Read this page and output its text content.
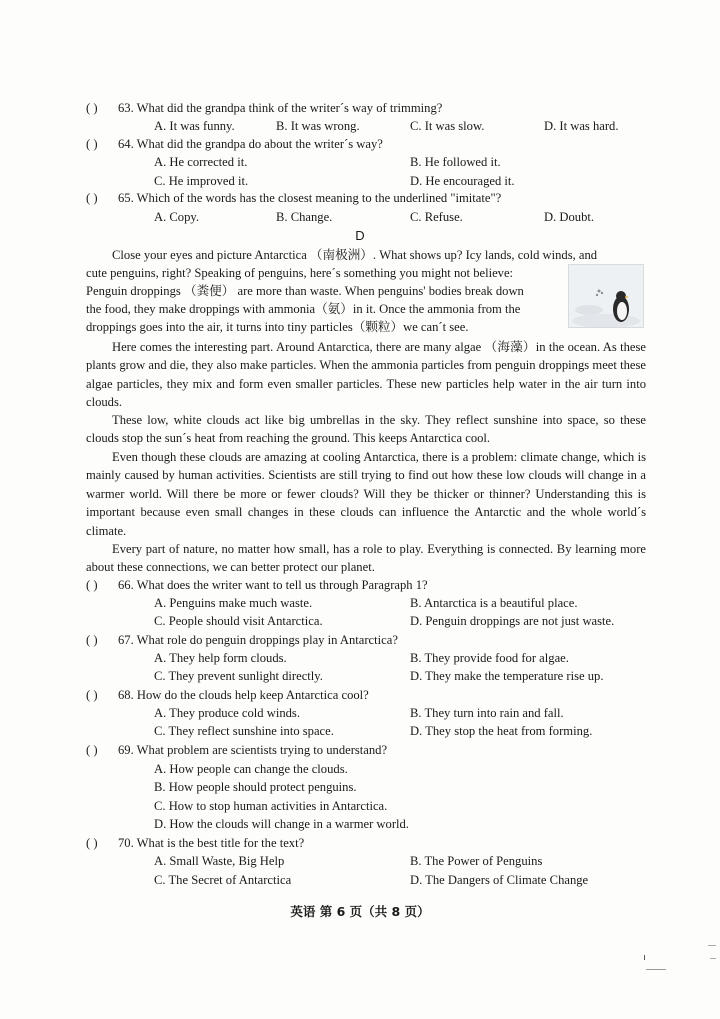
( ) 63. What did the grandpa think of the writer´s way of trimming?
A. It was funny.	B. It was wrong.	C. It was slow.	D. It was hard.
( ) 64. What did the grandpa do about the writer´s way?
A. He corrected it.	B. He followed it.
C. He improved it.	D. He encouraged it.
( ) 65. Which of the words has the closest meaning to the underlined "imitate"?
A. Copy.	B. Change.	C. Refuse.	D. Doubt.
D
Close your eyes and picture Antarctica （南极洲）. What shows up? Icy lands, cold winds, and
cute penguins, right? Speaking of penguins, here´s something you might not believe:
Penguin droppings （粪便） are more than waste. When penguins' bodies break down
the food, they make droppings with ammonia（氨）in it. Once the ammonia from the
droppings goes into the air, it turns into tiny particles（颗粒）we can´t see.
Here comes the interesting part. Around Antarctica, there are many algae （海藻）in the ocean. As these plants grow and die, they also make particles. When the ammonia particles from penguin droppings meet these algae particles, they mix and form even smaller particles. These new particles help water in the air turn into clouds.
These low, white clouds act like big umbrellas in the sky. They reflect sunshine into space, so these clouds stop the sun´s heat from reaching the ground. This keeps Antarctica cool.
Even though these clouds are amazing at cooling Antarctica, there is a problem: climate change, which is mainly caused by human activities. Scientists are still trying to find out how these low clouds will change in a warmer world. Will there be more or fewer clouds? Will they be thicker or thinner? Understanding this is important because even small changes in these clouds can influence the Antarctic and the whole world´s climate.
Every part of nature, no matter how small, has a role to play. Everything is connected. By learning more about these connections, we can better protect our planet.
( ) 66. What does the writer want to tell us through Paragraph 1?
A. Penguins make much waste.	B. Antarctica is a beautiful place.
C. People should visit Antarctica.	D. Penguin droppings are not just waste.
( ) 67. What role do penguin droppings play in Antarctica?
A. They help form clouds.	B. They provide food for algae.
C. They prevent sunlight directly.	D. They make the temperature rise up.
( ) 68. How do the clouds help keep Antarctica cool?
A. They produce cold winds.	B. They turn into rain and fall.
C. They reflect sunshine into space.	D. They stop the heat from forming.
( ) 69. What problem are scientists trying to understand?
A. How people can change the clouds.
B. How people should protect penguins.
C. How to stop human activities in Antarctica.
D. How the clouds will change in a warmer world.
( ) 70. What is the best title for the text?
A. Small Waste, Big Help	B. The Power of Penguins
C. The Secret of Antarctica	D. The Dangers of Climate Change
英语 第 6 页（共 8 页）
